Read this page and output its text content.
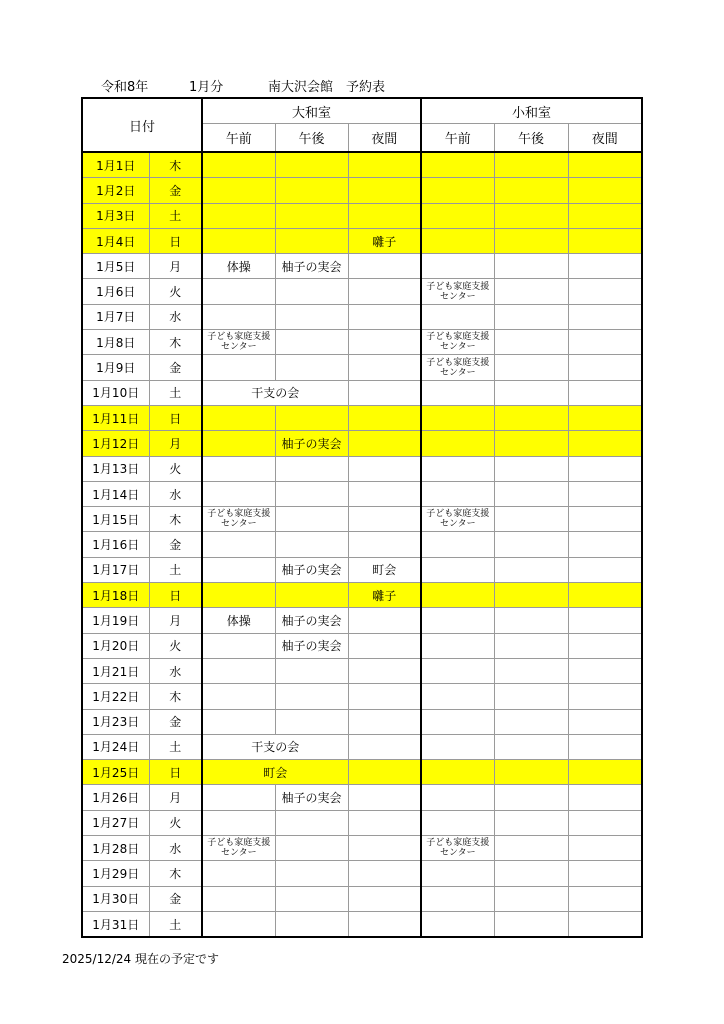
令和8年	1月分	南大沢会館　予約表
日付		大和室			小和室		
		午前	午後	夜間	午前	午後	夜間
1月1日	木						
1月2日	金						
1月3日	土						
1月4日	日			囃子			
1月5日	月	体操	柚子の実会				
1月6日	火				子ども家庭支援
センター		
1月7日	水						
1月8日	木	子ども家庭支援
センター			子ども家庭支援
センター		
1月9日	金				子ども家庭支援
センター		
1月10日	土	干支の会					
1月11日	日						
1月12日	月		柚子の実会				
1月13日	火						
1月14日	水						
1月15日	木	子ども家庭支援
センター			子ども家庭支援
センター		
1月16日	金						
1月17日	土		柚子の実会	町会			
1月18日	日			囃子			
1月19日	月	体操	柚子の実会				
1月20日	火		柚子の実会				
1月21日	水						
1月22日	木						
1月23日	金						
1月24日	土	干支の会					
1月25日	日	町会					
1月26日	月		柚子の実会				
1月27日	火						
1月28日	水	子ども家庭支援
センター			子ども家庭支援
センター		
1月29日	木						
1月30日	金						
1月31日	土						
2025/12/24 現在の予定です
